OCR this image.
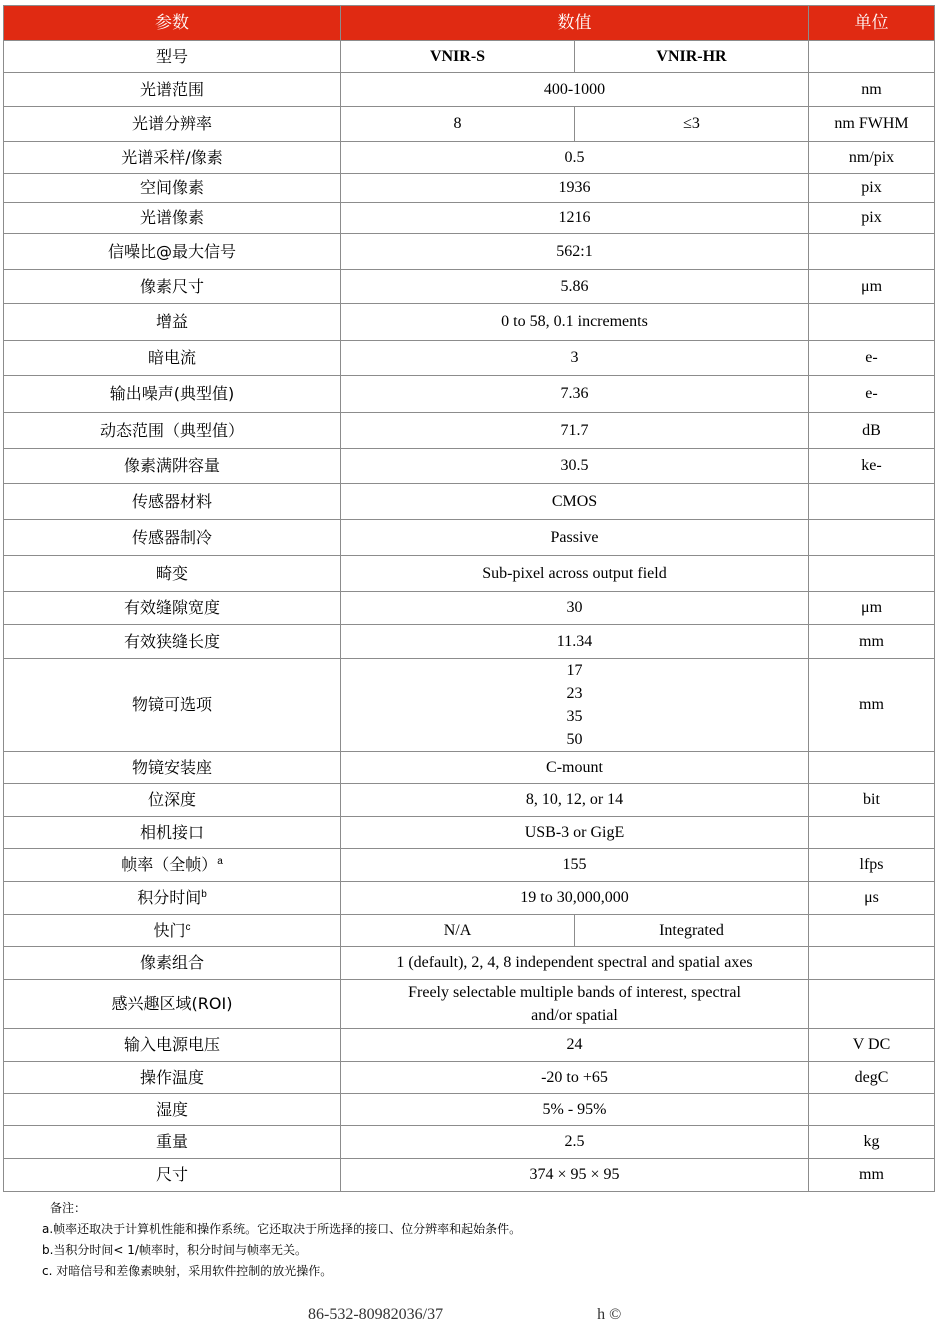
参数	数值		单位
型号	VNIR-S	VNIR-HR	
光谱范围	400-1000		nm
光谱分辨率	8	≤3	nm FWHM
光谱采样/像素	0.5		nm/pix
空间像素	1936		pix
光谱像素	1216		pix
信噪比@最大信号	562:1		
像素尺寸	5.86		μm
增益	0 to 58, 0.1 increments		
暗电流	3		e-
输出噪声(典型值)	7.36		e-
动态范围（典型值）	71.7		dB
像素满阱容量	30.5		ke-
传感器材料	CMOS		
传感器制冷	Passive		
畸变	Sub-pixel across output field		
有效缝隙宽度	30		μm
有效狭缝长度	11.34		mm
物镜可选项	17
23
35
50		mm
物镜安装座	C-mount		
位深度	8, 10, 12, or 14		bit
相机接口	USB-3 or GigE		
帧率（全帧）$^a$	155		lfps
积分时间$^b$	19 to 30,000,000		μs
快门$^c$	N/A	Integrated	
像素组合	1 (default), 2, 4, 8 independent spectral and spatial axes		
感兴趣区域(ROI)	Freely selectable multiple bands of interest, spectral
and/or spatial		

输入电源电压	24		V DC
操作温度	-20 to +65		degC
湿度	5% - 95%		
重量	2.5		kg
尺寸	374 × 95 × 95		mm
备注：
a.帧率还取决于计算机性能和操作系统。它还取决于所选择的接口、位分辨率和起始条件。
b.当积分时间< 1/帧率时，积分时间与帧率无关。
c. 对暗信号和差像素映射，采用软件控制的放光操作。
86-532-80982036/37	h ©
